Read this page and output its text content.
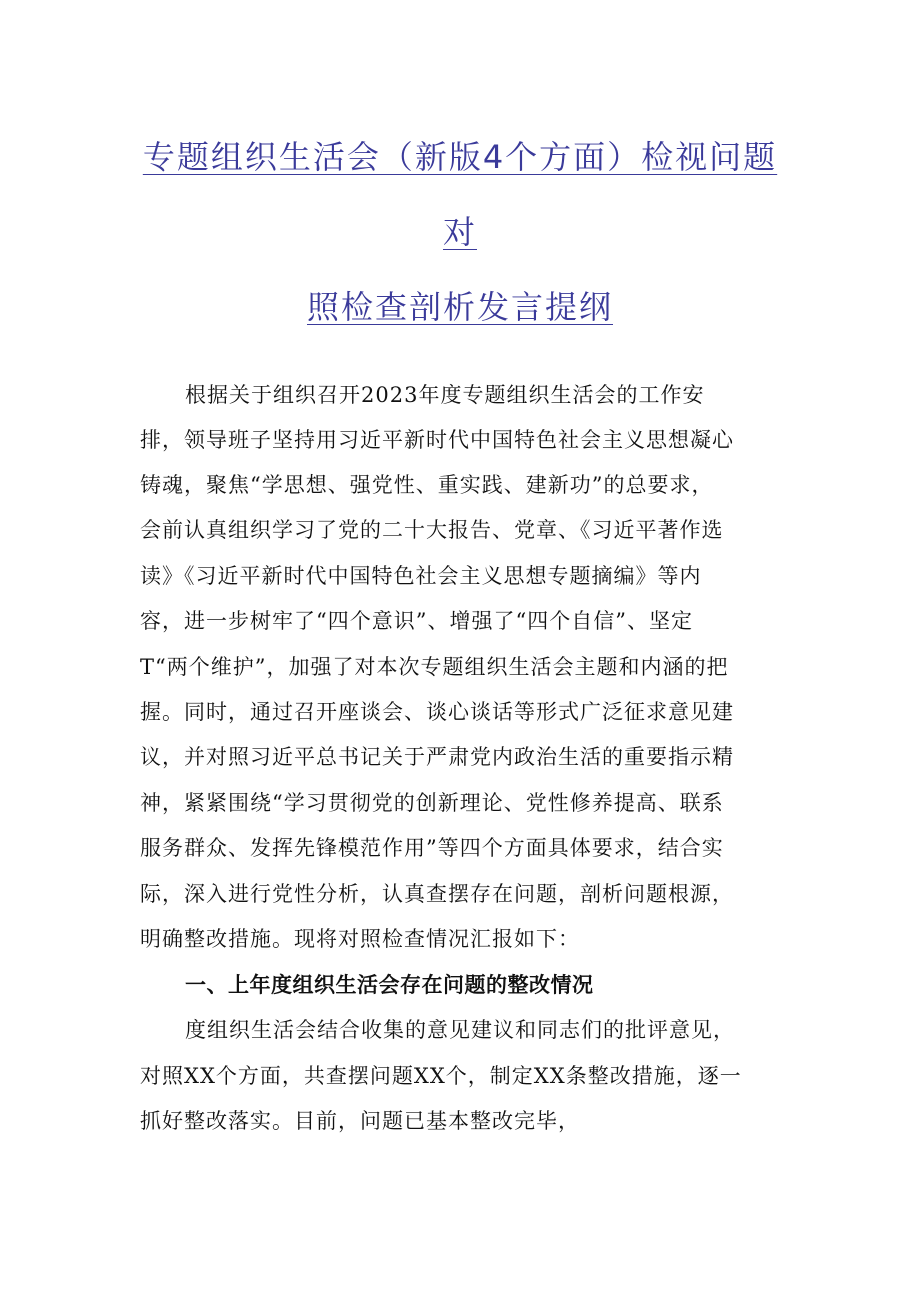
专题组织生活会（新版4个方面）检视问题
对
照检查剖析发言提纲
根据关于组织召开2023年度专题组织生活会的工作安
排，领导班子坚持用习近平新时代中国特色社会主义思想凝心
铸魂，聚焦“学思想、强党性、重实践、建新功”的总要求，
会前认真组织学习了党的二十大报告、党章、《习近平著作选
读》《习近平新时代中国特色社会主义思想专题摘编》等内
容，进一步树牢了“四个意识”、增强了“四个自信”、坚定
T“两个维护”，加强了对本次专题组织生活会主题和内涵的把
握。同时，通过召开座谈会、谈心谈话等形式广泛征求意见建
议，并对照习近平总书记关于严肃党内政治生活的重要指示精
神，紧紧围绕“学习贯彻党的创新理论、党性修养提高、联系
服务群众、发挥先锋模范作用”等四个方面具体要求，结合实
际，深入进行党性分析，认真查摆存在问题，剖析问题根源，
明确整改措施。现将对照检查情况汇报如下：
一、上年度组织生活会存在问题的整改情况
度组织生活会结合收集的意见建议和同志们的批评意见，
对照XX个方面，共查摆问题XX个，制定XX条整改措施，逐一
抓好整改落实。目前，问题已基本整改完毕，
